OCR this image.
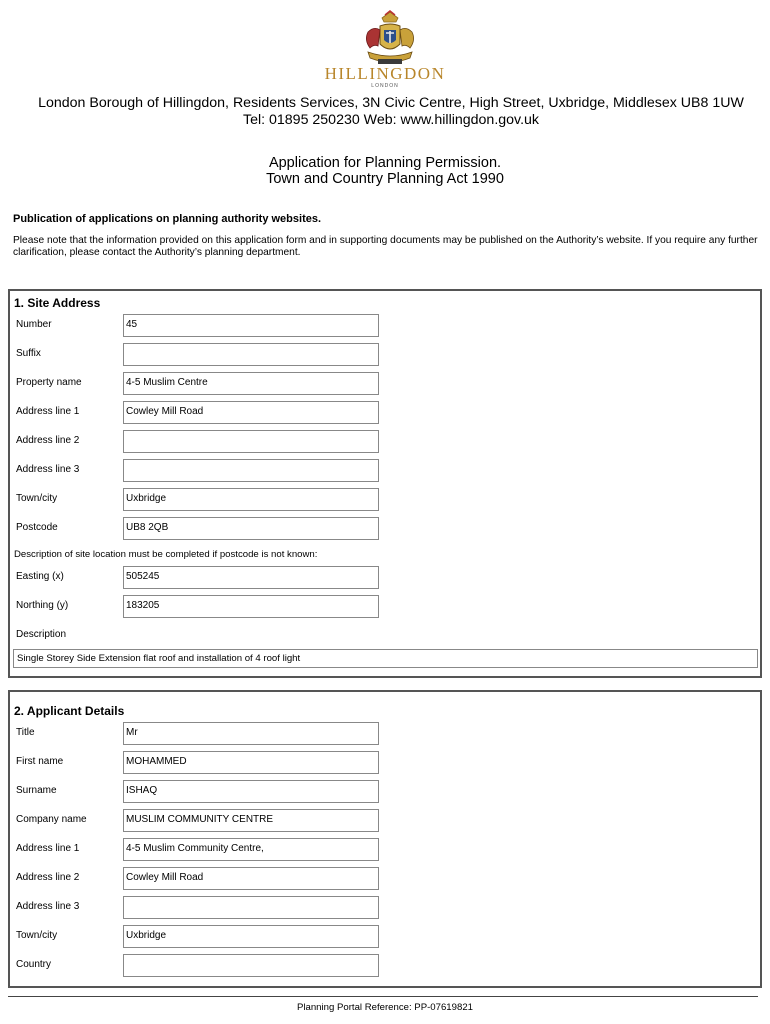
HILLINGDON
LONDON
London Borough of Hillingdon, Residents Services, 3N Civic Centre, High Street, Uxbridge, Middlesex UB8 1UW
Tel: 01895 250230 Web: www.hillingdon.gov.uk
Application for Planning Permission.
Town and Country Planning Act 1990
Publication of applications on planning authority websites.
Please note that the information provided on this application form and in supporting documents may be published on the Authority’s website. If you require any further clarification, please contact the Authority’s planning department.
1. Site Address
Number	45
Suffix
Property name	4-5 Muslim Centre
Address line 1	Cowley Mill Road
Address line 2
Address line 3
Town/city	Uxbridge
Postcode	UB8 2QB
Description of site location must be completed if postcode is not known:
Easting (x)	505245
Northing (y)	183205
Description
Single Storey Side Extension flat roof and installation of 4 roof light
2. Applicant Details
Title	Mr
First name	MOHAMMED
Surname	ISHAQ
Company name	MUSLIM COMMUNITY CENTRE
Address line 1	4-5 Muslim Community Centre,
Address line 2	Cowley Mill Road
Address line 3
Town/city	Uxbridge
Country
Planning Portal Reference: PP-07619821
